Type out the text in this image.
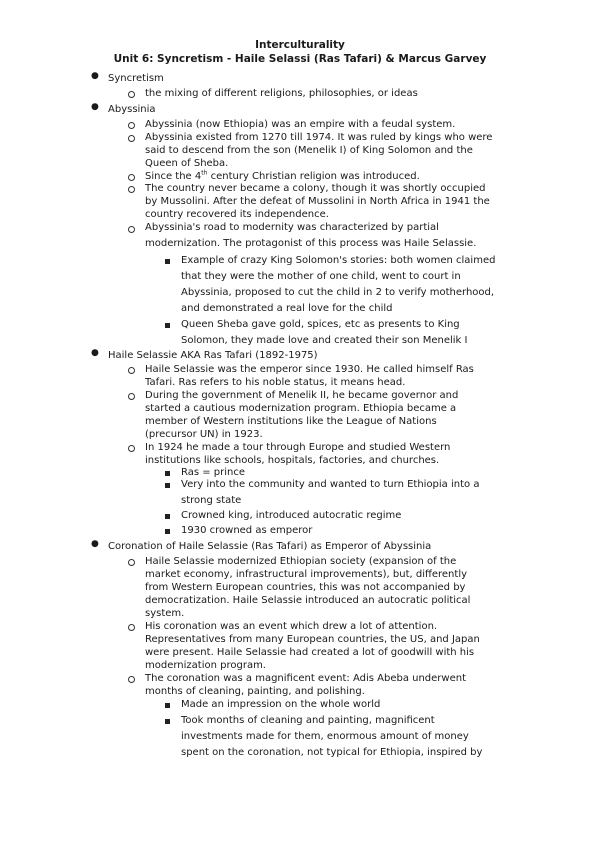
Interculturality
Unit 6: Syncretism - Haile Selassi (Ras Tafari) & Marcus Garvey
● Syncretism
the mixing of different religions, philosophies, or ideas
● Abyssinia
Abyssinia (now Ethiopia) was an empire with a feudal system.
Abyssinia existed from 1270 till 1974. It was ruled by kings who were
said to descend from the son (Menelik I) of King Solomon and the
Queen of Sheba.
Since the 4th century Christian religion was introduced.
The country never became a colony, though it was shortly occupied
by Mussolini. After the defeat of Mussolini in North Africa in 1941 the
country recovered its independence.
Abyssinia's road to modernity was characterized by partial
modernization. The protagonist of this process was Haile Selassie.
Example of crazy King Solomon's stories: both women claimed
that they were the mother of one child, went to court in
Abyssinia, proposed to cut the child in 2 to verify motherhood,
and demonstrated a real love for the child
Queen Sheba gave gold, spices, etc as presents to King
Solomon, they made love and created their son Menelik I
● Haile Selassie AKA Ras Tafari (1892-1975)
Haile Selassie was the emperor since 1930. He called himself Ras
Tafari. Ras refers to his noble status, it means head.
During the government of Menelik II, he became governor and
started a cautious modernization program. Ethiopia became a
member of Western institutions like the League of Nations
(precursor UN) in 1923.
In 1924 he made a tour through Europe and studied Western
institutions like schools, hospitals, factories, and churches.
Ras = prince
Very into the community and wanted to turn Ethiopia into a
strong state
Crowned king, introduced autocratic regime
1930 crowned as emperor
● Coronation of Haile Selassie (Ras Tafari) as Emperor of Abyssinia
Haile Selassie modernized Ethiopian society (expansion of the
market economy, infrastructural improvements), but, differently
from Western European countries, this was not accompanied by
democratization. Haile Selassie introduced an autocratic political
system.
His coronation was an event which drew a lot of attention.
Representatives from many European countries, the US, and Japan
were present. Haile Selassie had created a lot of goodwill with his
modernization program.
The coronation was a magnificent event: Adis Abeba underwent
months of cleaning, painting, and polishing.
Made an impression on the whole world
Took months of cleaning and painting, magnificent
investments made for them, enormous amount of money
spent on the coronation, not typical for Ethiopia, inspired by
